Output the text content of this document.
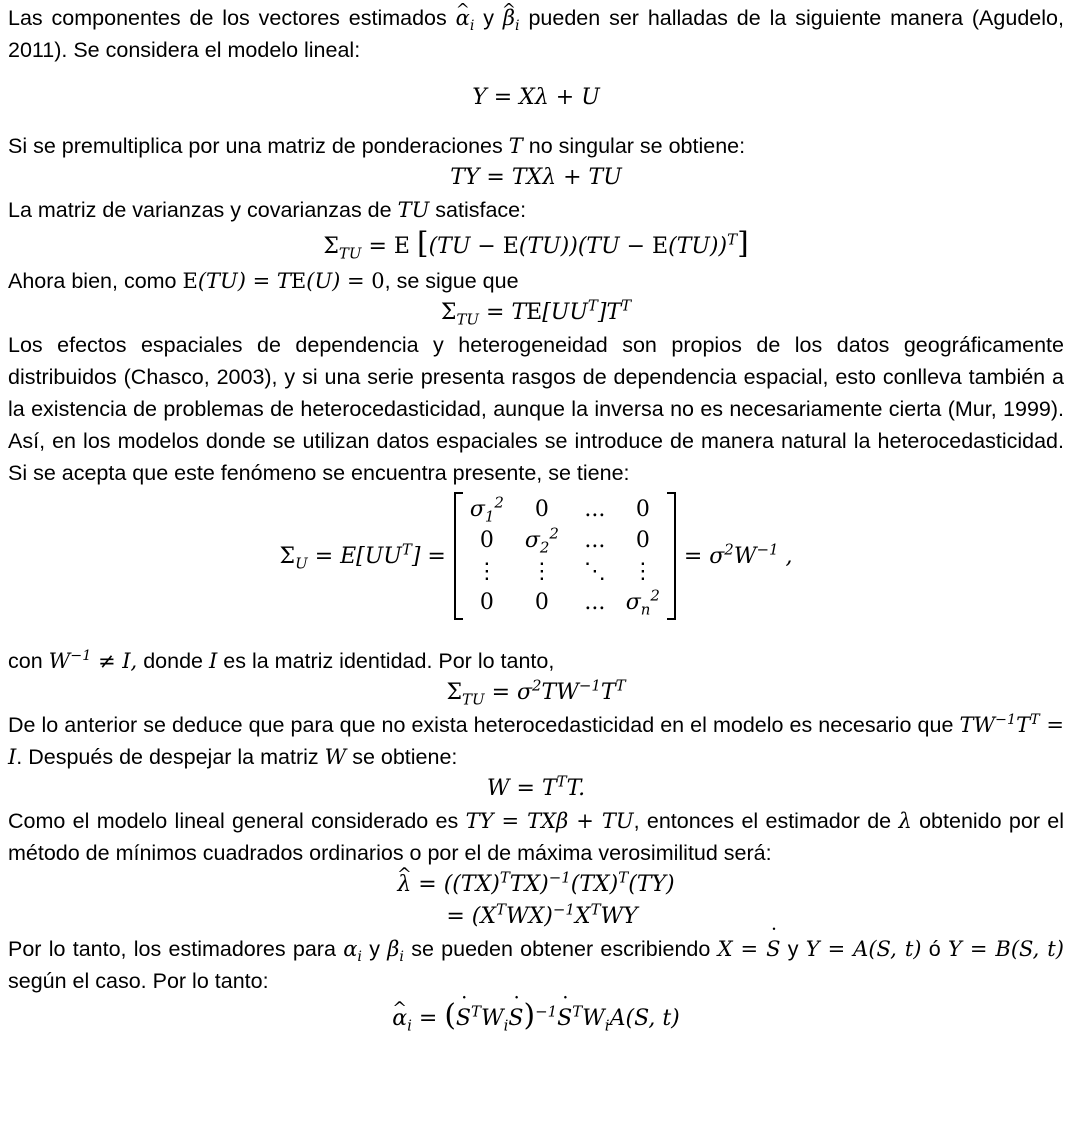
Las componentes de los vectores estimados ^ $\alpha_i$ y ^ $\beta_i$ pueden ser halladas de la siguiente manera (Agudelo, 2011). Se considera el modelo lineal:

Y = Xλ + U

Si se premultiplica por una matriz de ponderaciones T no singular se obtiene:

TY = TXλ + TU

La matriz de varianzas y covarianzas de TU satisface:

$\Sigma_{TU} = E$ [(TU − E(TU))(TU − E(TU))$^T$]

Ahora bien, como E(TU) = TE(U) = 0, se sigue que

$\Sigma_{TU} = TE[UU^T]T^T$

Los efectos espaciales de dependencia y heterogeneidad son propios de los datos geográficamente distribuidos (Chasco, 2003), y si una serie presenta rasgos de dependencia espacial, esto conlleva también a la existencia de problemas de heterocedasticidad, aunque la inversa no es necesariamente cierta (Mur, 1999). Así, en los modelos donde se utilizan datos espaciales se introduce de manera natural la heterocedasticidad. Si se acepta que este fenómeno se encuentra presente, se tiene:

$\Sigma_U = E[UU^T]$ =
$\sigma_1^2$ 0 ... 0
0 $\sigma_2^2$ ... 0
⋮ ⋮ ⋱ ⋮
0 0 ... $\sigma_n^2$
= $\sigma^2W^{-1}$ ,

con $W^{-1} \ne I$, donde I es la matriz identidad. Por lo tanto,

$\Sigma_{TU} = \sigma^2TW^{-1}T^T$

De lo anterior se deduce que para que no exista heterocedasticidad en el modelo es necesario que $TW^{-1}T^T = I$. Después de despejar la matriz W se obtiene:

$W = T^TT$.

Como el modelo lineal general considerado es TY = TXβ + TU, entonces el estimador de λ obtenido por el método de mínimos cuadrados ordinarios o por el de máxima verosimilitud será:

^ $\lambda = ((TX)^TTX)^{-1}(TX)^T(TY)$

= $(X^TWX)^{-1}X^TWY$

Por lo tanto, los estimadores para $\alpha_i$ y $\beta_i$ se pueden obtener escribiendo X = ˙ S y Y = A(S, t) ó Y = B(S, t) según el caso. Por lo tanto:

^ $\alpha_i$ = (˙ $S^TW_i˙$ S)$^{-1}$˙ $S^TW_iA(S$, t)
